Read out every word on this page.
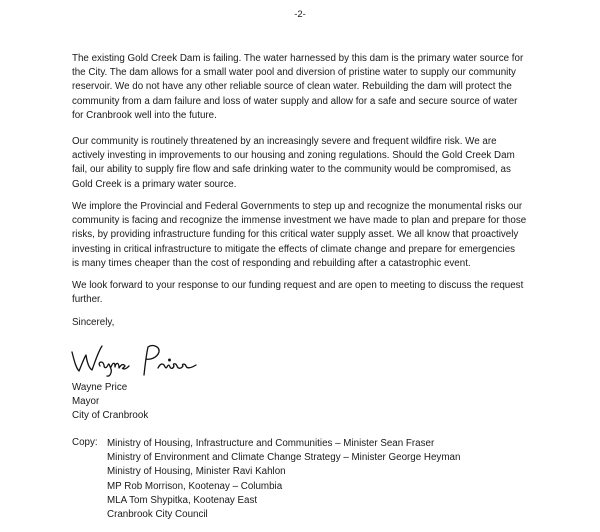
-2-

The existing Gold Creek Dam is failing. The water harnessed by this dam is the primary water source for
the City. The dam allows for a small water pool and diversion of pristine water to supply our community
reservoir. We do not have any other reliable source of clean water. Rebuilding the dam will protect the
community from a dam failure and loss of water supply and allow for a safe and secure source of water
for Cranbrook well into the future.

Our community is routinely threatened by an increasingly severe and frequent wildfire risk. We are
actively investing in improvements to our housing and zoning regulations. Should the Gold Creek Dam
fail, our ability to supply fire flow and safe drinking water to the community would be compromised, as
Gold Creek is a primary water source.

We implore the Provincial and Federal Governments to step up and recognize the monumental risks our
community is facing and recognize the immense investment we have made to plan and prepare for those
risks, by providing infrastructure funding for this critical water supply asset. We all know that proactively
investing in critical infrastructure to mitigate the effects of climate change and prepare for emergencies
is many times cheaper than the cost of responding and rebuilding after a catastrophic event.

We look forward to your response to our funding request and are open to meeting to discuss the request
further.

Sincerely,
Wayne Price
Mayor
City of Cranbrook
Copy: Ministry of Housing, Infrastructure and Communities – Minister Sean Fraser
Ministry of Environment and Climate Change Strategy – Minister George Heyman
Ministry of Housing, Minister Ravi Kahlon
MP Rob Morrison, Kootenay – Columbia
MLA Tom Shypitka, Kootenay East
Cranbrook City Council
